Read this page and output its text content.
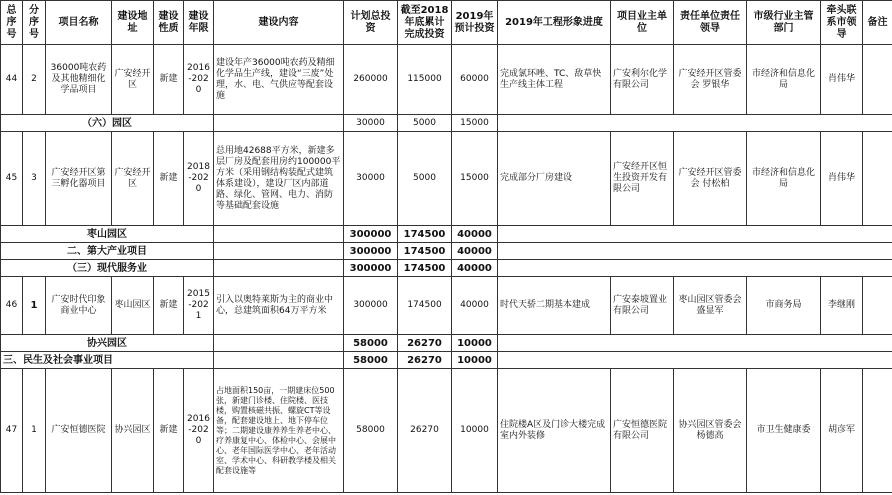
总序号	分序号	项目名称	建设地址	建设性质	建设年限	建设内容	计划总投资	截至2018年底累计完成投资	2019年预计投资	2019年工程形象进度	项目业主单位	责任单位责任领导	市级行业主管部门	牵头联系市领导	备注
44	2	36000吨农药及其他精细化学品项目	广安经开区	新建	2016-2020	建设年产36000吨农药及精细化学品生产线，建设“三废”处理，水、电、气供应等配套设施	260000	115000	60000	完成氯环唑、TC、敌草快生产线主体工程	广安利尔化学有限公司	广安经开区管委会 罗银华	市经济和信息化局	肖伟华	
（六）园区							30000	5000	15000						
45	3	广安经开区第三孵化器项目	广安经开区	新建	2018-2020	总用地42688平方米，新建多层厂房及配套用房约100000平方米（采用钢结构装配式建筑体系建设），建设厂区内部道路、绿化、管网、电力、消防等基础配套设施	30000	5000	15000	完成部分厂房建设	广安经开区恒生投资开发有限公司	广安经开区管委会 付松柏	市经济和信息化局	肖伟华	
枣山园区							300000	174500	40000						
二、第大产业项目							300000	174500	40000						
（三）现代服务业							300000	174500	40000						
46	1	广安时代印象商业中心	枣山园区	新建	2015-2021	引入以奥特莱斯为主的商业中心，总建筑面积64万平方米	300000	174500	40000	时代天骄二期基本建成	广安泰坡置业有限公司	枣山园区管委会 盛显军	市商务局	李继刚	
协兴园区							58000	26270	10000						
三、民生及社会事业项目							58000	26270	10000						
47	1	广安恒德医院	协兴园区	新建	2016-2020	占地面积150亩，一期建床位500张，新建门诊楼、住院楼、医技楼，购置核磁共振、螺旋CT等设备，配套建设地上、地下停车位等；二期建设康养养生养老中心、疗养康复中心、体检中心、会展中心、老年国际医学中心、老年活动室、学术中心、科研教学楼及相关配套设施等	58000	26270	10000	住院楼A区及门诊大楼完成室内外装修	广安恒德医院有限公司	协兴园区管委会 杨德高	市卫生健康委	胡彦军	
